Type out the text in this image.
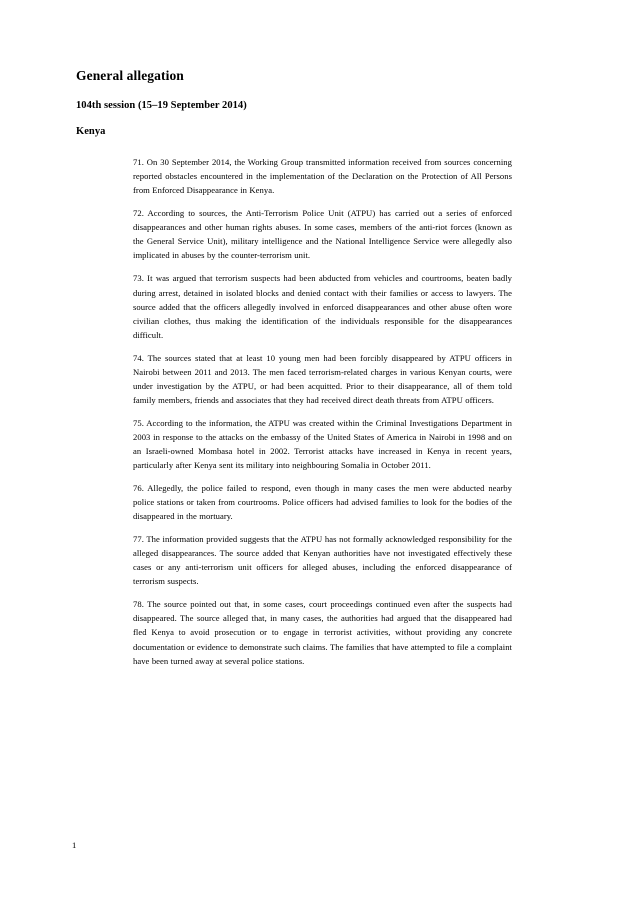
General allegation
104th session (15–19 September 2014)
Kenya

71. On 30 September 2014, the Working Group transmitted information received from sources concerning reported obstacles encountered in the implementation of the Declaration on the Protection of All Persons from Enforced Disappearance in Kenya.

72. According to sources, the Anti-Terrorism Police Unit (ATPU) has carried out a series of enforced disappearances and other human rights abuses. In some cases, members of the anti-riot forces (known as the General Service Unit), military intelligence and the National Intelligence Service were allegedly also implicated in abuses by the counter-terrorism unit.

73. It was argued that terrorism suspects had been abducted from vehicles and courtrooms, beaten badly during arrest, detained in isolated blocks and denied contact with their families or access to lawyers. The source added that the officers allegedly involved in enforced disappearances and other abuse often wore civilian clothes, thus making the identification of the individuals responsible for the disappearances difficult.

74. The sources stated that at least 10 young men had been forcibly disappeared by ATPU officers in Nairobi between 2011 and 2013. The men faced terrorism-related charges in various Kenyan courts, were under investigation by the ATPU, or had been acquitted. Prior to their disappearance, all of them told family members, friends and associates that they had received direct death threats from ATPU officers.

75. According to the information, the ATPU was created within the Criminal Investigations Department in 2003 in response to the attacks on the embassy of the United States of America in Nairobi in 1998 and on an Israeli-owned Mombasa hotel in 2002. Terrorist attacks have increased in Kenya in recent years, particularly after Kenya sent its military into neighbouring Somalia in October 2011.

76. Allegedly, the police failed to respond, even though in many cases the men were abducted nearby police stations or taken from courtrooms. Police officers had advised families to look for the bodies of the disappeared in the mortuary.

77. The information provided suggests that the ATPU has not formally acknowledged responsibility for the alleged disappearances. The source added that Kenyan authorities have not investigated effectively these cases or any anti-terrorism unit officers for alleged abuses, including the enforced disappearance of terrorism suspects.

78. The source pointed out that, in some cases, court proceedings continued even after the suspects had disappeared. The source alleged that, in many cases, the authorities had argued that the disappeared had fled Kenya to avoid prosecution or to engage in terrorist activities, without providing any concrete documentation or evidence to demonstrate such claims. The families that have attempted to file a complaint have been turned away at several police stations.

1
